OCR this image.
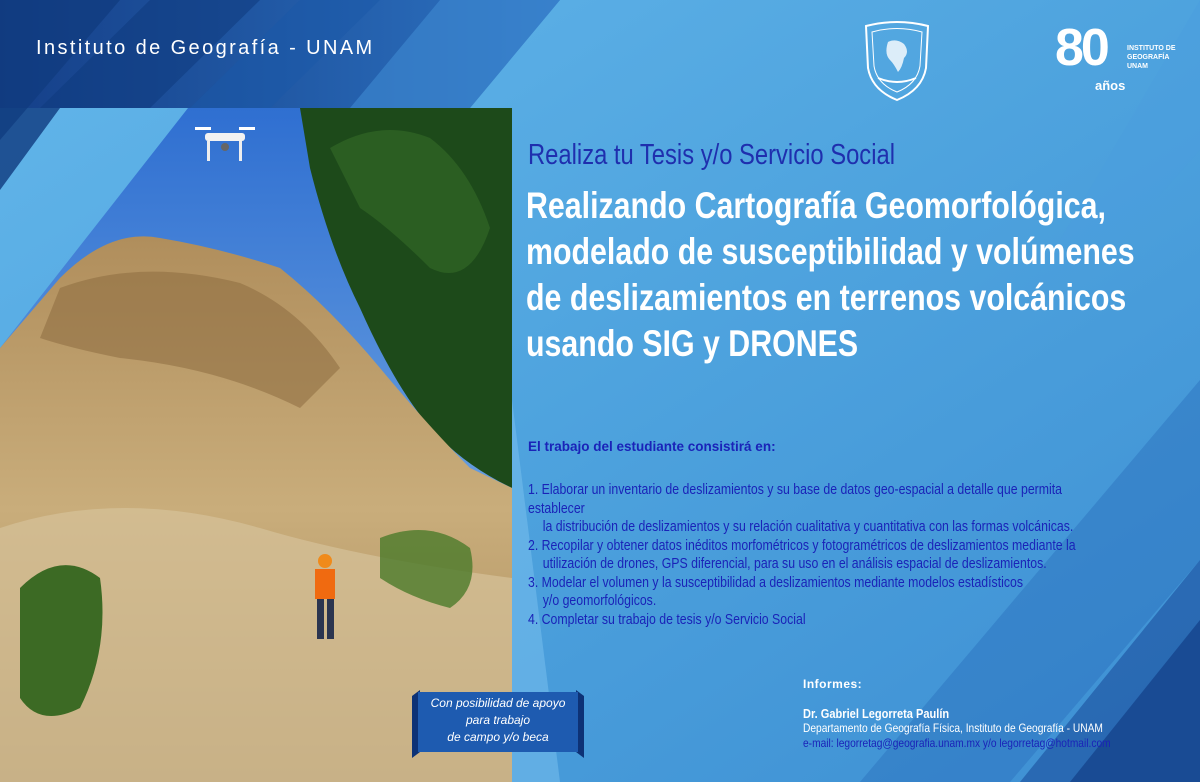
Instituto de Geografía - UNAM	80	INSTITUTO DE
GEOGRAFÍA
UNAM
años
Realiza tu Tesis y/o Servicio Social
Realizando Cartografía Geomorfológica,
modelado de susceptibilidad y volúmenes
de deslizamientos en terrenos volcánicos
usando SIG y DRONES
El trabajo del estudiante consistirá en:
1. Elaborar un inventario de deslizamientos y su base de datos geo-espacial a detalle que permita establecer
la distribución de deslizamientos y su relación cualitativa y cuantitativa con las formas volcánicas.
2. Recopilar y obtener datos inéditos morfométricos y fotogramétricos de deslizamientos mediante la
utilización de drones, GPS diferencial, para su uso en el análisis espacial de deslizamientos.
3. Modelar el volumen y la susceptibilidad a deslizamientos mediante modelos estadísticos
y/o geomorfológicos.
4. Completar su trabajo de tesis y/o Servicio Social
Con posibilidad de apoyo
para trabajo
de campo y/o beca
Informes:
Dr. Gabriel Legorreta Paulín
Departamento de Geografía Física, Instituto de Geografía - UNAM
e-mail: legorretag@geografia.unam.mx y/o legorretag@hotmail.com
